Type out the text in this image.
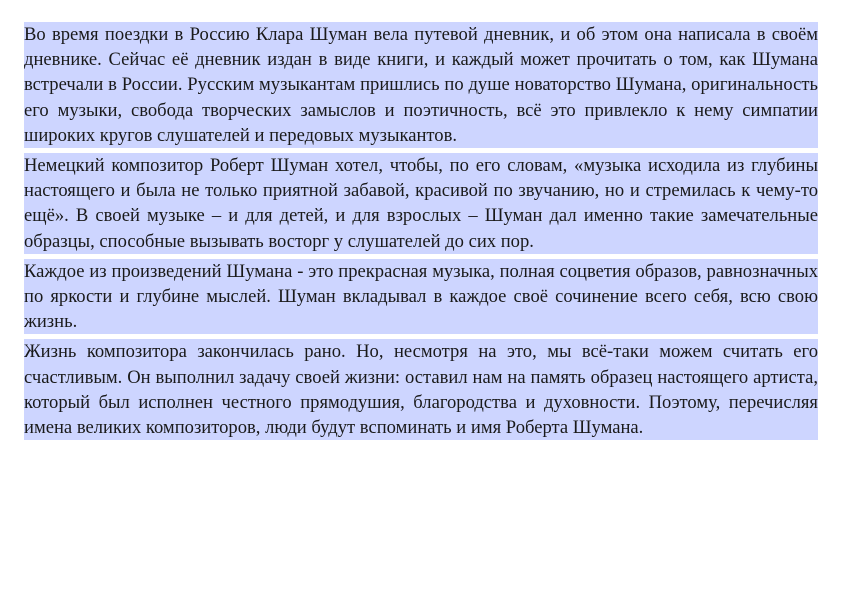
Во время поездки в Россию Клара Шуман вела путевой дневник, и об этом она написала в своём дневнике. Сейчас её дневник издан в виде книги, и каждый может прочитать о том, как Шумана встречали в России. Русским музыкантам пришлись по душе новаторство Шумана, оригинальность его музыки, свобода творческих замыслов и поэтичность, всё это привлекло к нему симпатии широких кругов слушателей и передовых музыкантов.

Немецкий композитор Роберт Шуман хотел, чтобы, по его словам, «музыка исходила из глубины настоящего и была не только приятной забавой, красивой по звучанию, но и стремилась к чему-то ещё». В своей музыке – и для детей, и для взрослых – Шуман дал именно такие замечательные образцы, способные вызывать восторг у слушателей до сих пор.

Каждое из произведений Шумана - это прекрасная музыка, полная соцветия образов, равнозначных по яркости и глубине мыслей. Шуман вкладывал в каждое своё сочинение всего себя, всю свою жизнь.

Жизнь композитора закончилась рано. Но, несмотря на это, мы всё-таки можем считать его счастливым. Он выполнил задачу своей жизни: оставил нам на память образец настоящего артиста, который был исполнен честного прямодушия, благородства и духовности. Поэтому, перечисляя имена великих композиторов, люди будут вспоминать и имя Роберта Шумана.
